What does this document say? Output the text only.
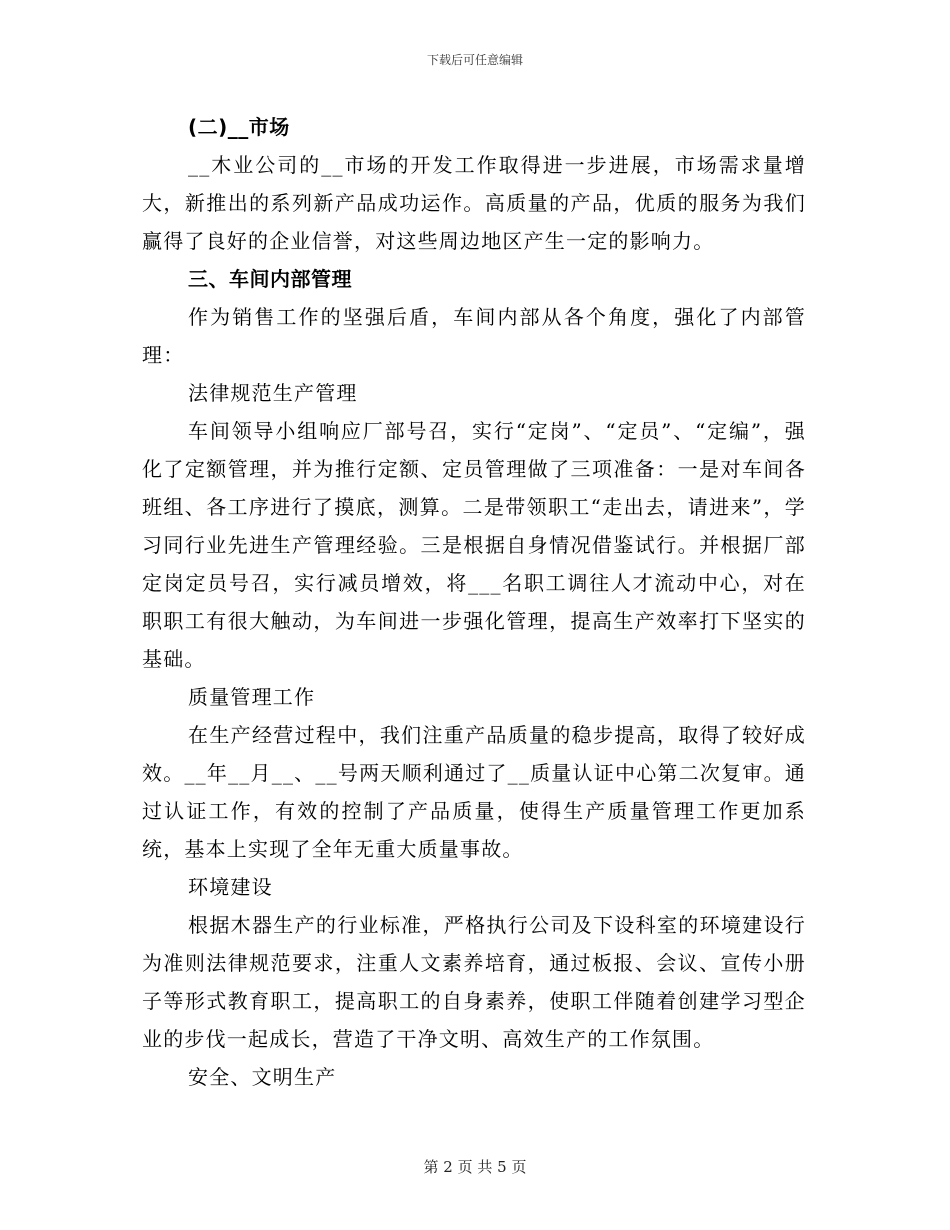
下载后可任意编辑

(二)__市场

__木业公司的__市场的开发工作取得进一步进展，市场需求量增大，新推出的系列新产品成功运作。高质量的产品，优质的服务为我们赢得了良好的企业信誉，对这些周边地区产生一定的影响力。

三、车间内部管理

作为销售工作的坚强后盾，车间内部从各个角度，强化了内部管理：

法律规范生产管理

车间领导小组响应厂部号召，实行“定岗”、“定员”、“定编”，强化了定额管理，并为推行定额、定员管理做了三项准备：一是对车间各班组、各工序进行了摸底，测算。二是带领职工“走出去，请进来”，学习同行业先进生产管理经验。三是根据自身情况借鉴试行。并根据厂部定岗定员号召，实行减员增效，将___名职工调往人才流动中心，对在职职工有很大触动，为车间进一步强化管理，提高生产效率打下坚实的基础。

质量管理工作

在生产经营过程中，我们注重产品质量的稳步提高，取得了较好成效。__年__月__、__号两天顺利通过了__质量认证中心第二次复审。通过认证工作，有效的控制了产品质量，使得生产质量管理工作更加系统，基本上实现了全年无重大质量事故。

环境建设

根据木器生产的行业标准，严格执行公司及下设科室的环境建设行为准则法律规范要求，注重人文素养培育，通过板报、会议、宣传小册子等形式教育职工，提高职工的自身素养，使职工伴随着创建学习型企业的步伐一起成长，营造了干净文明、高效生产的工作氛围。

安全、文明生产

第 2 页 共 5 页
